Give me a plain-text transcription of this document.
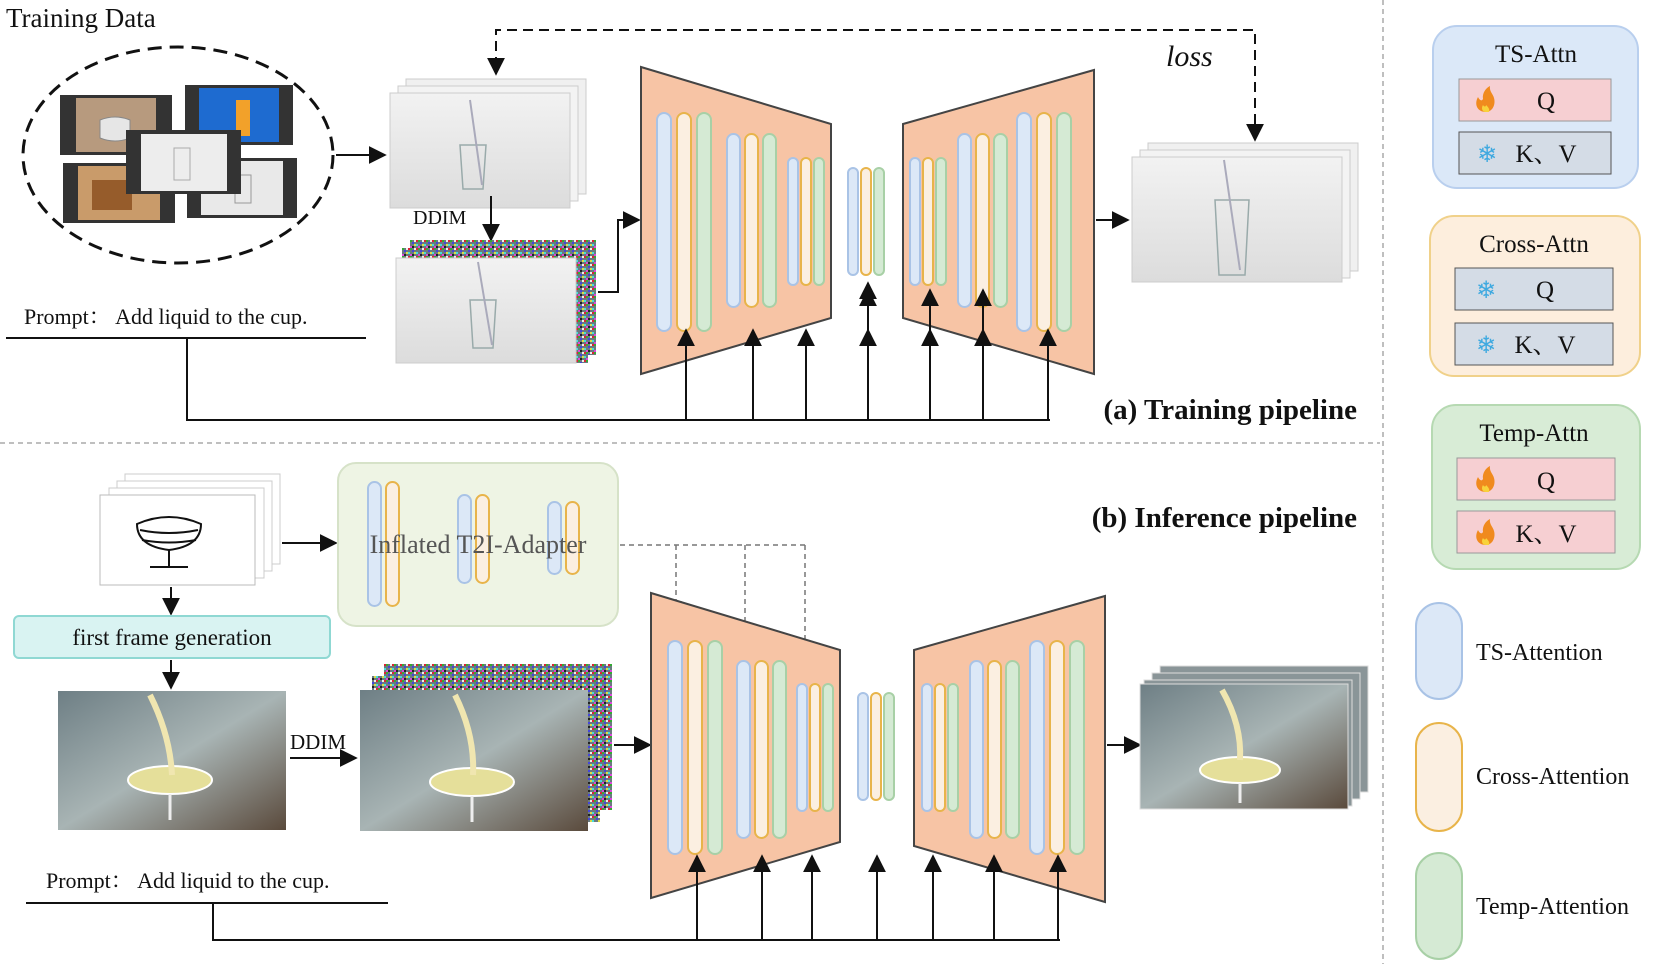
Training Data
DDIM
Prompt： Add liquid to the cup.
loss
(a) Training pipeline
(b) Inference pipeline
Inflated T2I-Adapter
first frame generation
DDIM
Prompt： Add liquid to the cup.
TS-Attn
Q
❄ K、V
Cross-Attn
❄ Q
❄ K、V
Temp-Attn
Q
K、V
TS-Attention
Cross-Attention
Temp-Attention
